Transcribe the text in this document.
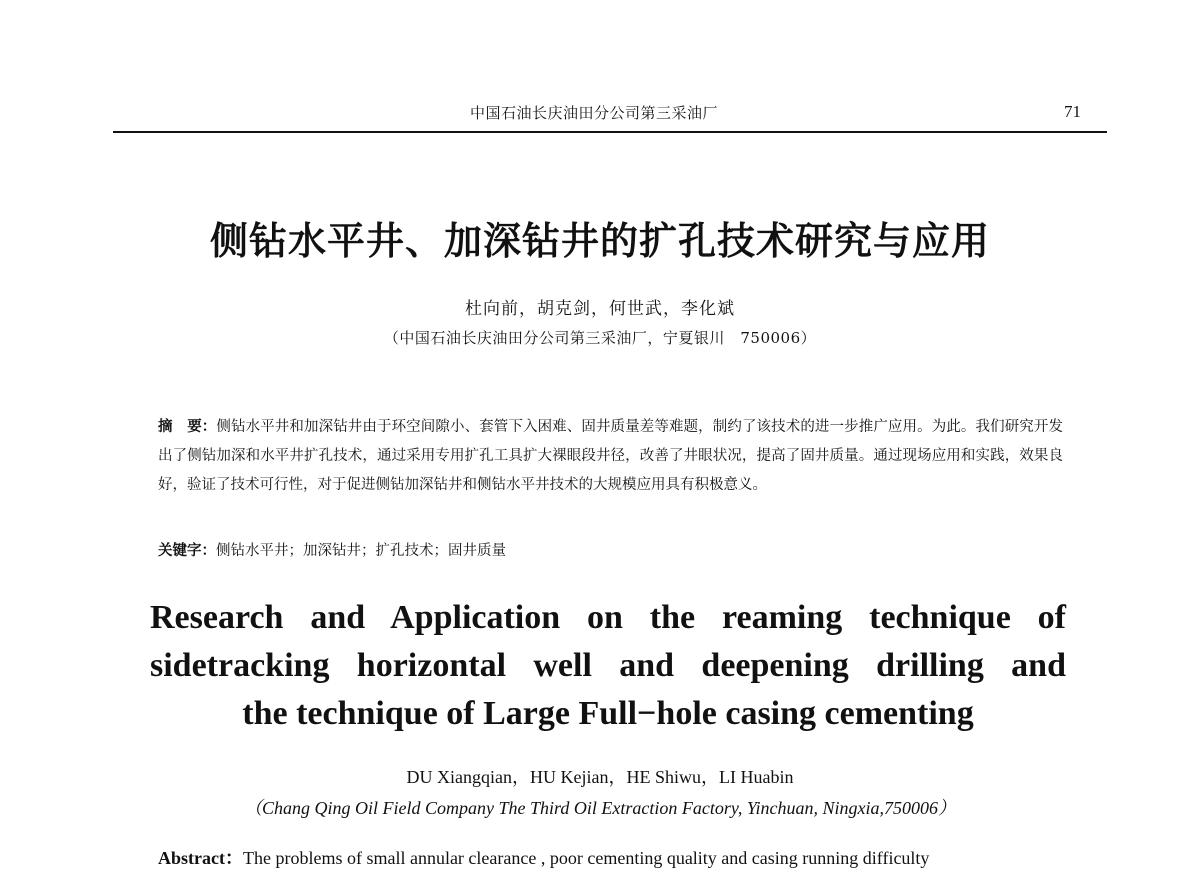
中国石油长庆油田分公司第三采油厂	71
侧钻水平井、加深钻井的扩孔技术研究与应用
杜向前，胡克剑，何世武，李化斌
（中国石油长庆油田分公司第三采油厂，宁夏银川　750006）
摘　要：侧钻水平井和加深钻井由于环空间隙小、套管下入困难、固井质量差等难题，制约了该技术的进一步推广应用。为此。我们研究开发出了侧钻加深和水平井扩孔技术，通过采用专用扩孔工具扩大裸眼段井径，改善了井眼状况，提高了固井质量。通过现场应用和实践，效果良好，验证了技术可行性，对于促进侧钻加深钻井和侧钻水平井技术的大规模应用具有积极意义。
关键字：侧钻水平井；加深钻井；扩孔技术；固井质量
Research and Application on the reaming technique of
sidetracking horizontal well and deepening drilling and
the technique of Large Full−hole casing cementing
DU Xiangqian，HU Kejian，HE Shiwu，LI Huabin
（Chang Qing Oil Field Company The Third Oil Extraction Factory, Yinchuan, Ningxia,750006）
Abstract：The problems of small annular clearance , poor cementing quality and casing running difficulty
